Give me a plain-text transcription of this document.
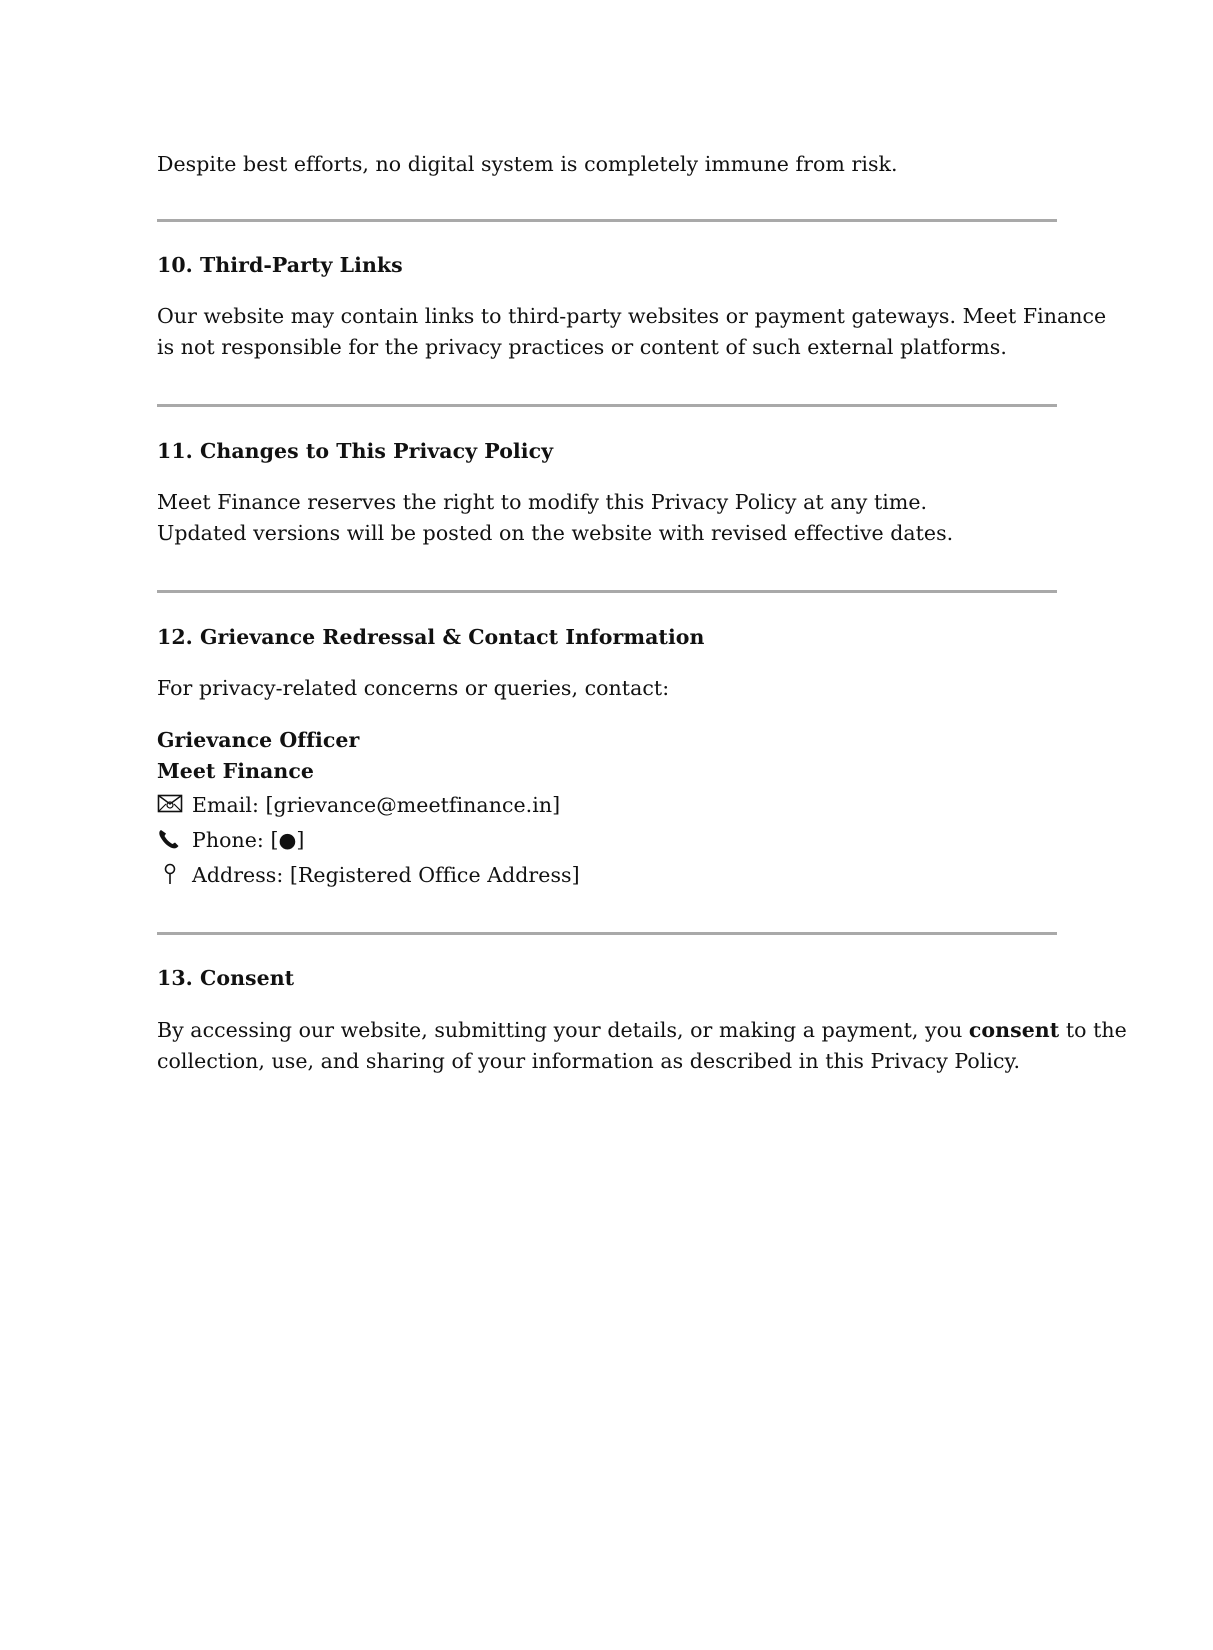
Despite best efforts, no digital system is completely immune from risk.
10. Third-Party Links
Our website may contain links to third-party websites or payment gateways. Meet Finance
is not responsible for the privacy practices or content of such external platforms.
11. Changes to This Privacy Policy
Meet Finance reserves the right to modify this Privacy Policy at any time.
Updated versions will be posted on the website with revised effective dates.
12. Grievance Redressal & Contact Information
For privacy-related concerns or queries, contact:
Grievance Officer
Meet Finance
Email: [grievance@meetfinance.in]
Phone: [●]
Address: [Registered Office Address]
13. Consent
By accessing our website, submitting your details, or making a payment, you consent to the
collection, use, and sharing of your information as described in this Privacy Policy.
